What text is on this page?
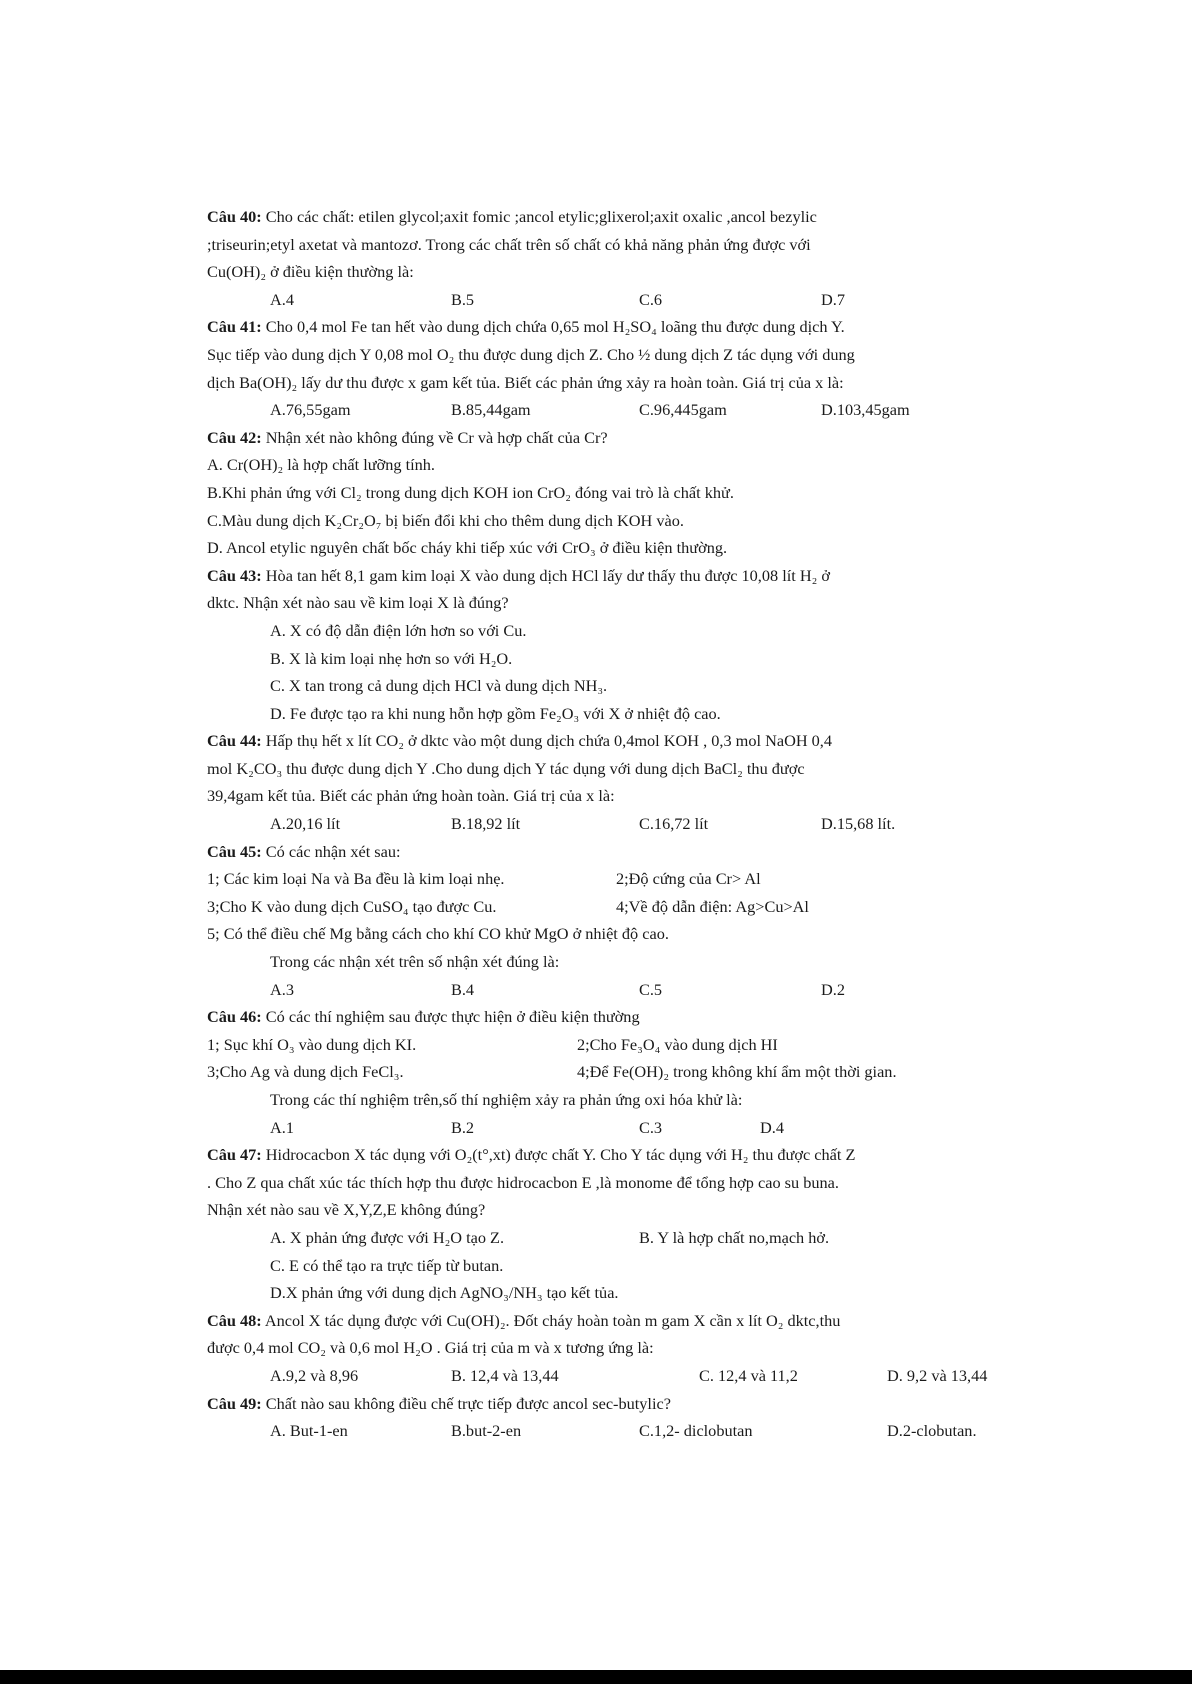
Câu 40: Cho các chất: etilen glycol;axit fomic ;ancol etylic;glixerol;axit oxalic ,ancol bezylic
;triseurin;etyl axetat và mantozơ. Trong các chất trên số chất có khả năng phản ứng được với
Cu(OH)₂ ở điều kiện thường là:
A.4	B.5	C.6	D.7
Câu 41: Cho 0,4 mol Fe tan hết vào dung dịch chứa 0,65 mol H₂SO₄ loãng thu được dung dịch Y.
Sục tiếp vào dung dịch Y 0,08 mol O₂ thu được dung dịch Z. Cho ½ dung dịch Z tác dụng với dung
dịch Ba(OH)₂ lấy dư thu được x gam kết tủa. Biết các phản ứng xảy ra hoàn toàn. Giá trị của x là:
A.76,55gam	B.85,44gam	C.96,445gam	D.103,45gam
Câu 42: Nhận xét nào không đúng về Cr và hợp chất của Cr?
A. Cr(OH)₂ là hợp chất lưỡng tính.
B.Khi phản ứng với Cl₂ trong dung dịch KOH ion CrO₂ đóng vai trò là chất khử.
C.Màu dung dịch K₂Cr₂O₇ bị biến đổi khi cho thêm dung dịch KOH vào.
D. Ancol etylic nguyên chất bốc cháy khi tiếp xúc với CrO₃ ở điều kiện thường.
Câu 43: Hòa tan hết 8,1 gam kim loại X vào dung dịch HCl lấy dư thấy thu được 10,08 lít H₂ ở
dktc. Nhận xét nào sau về kim loại X là đúng?
A. X có độ dẫn điện lớn hơn so với Cu.
B. X là kim loại nhẹ hơn so với H₂O.
C. X tan trong cả dung dịch HCl và dung dịch NH₃.
D. Fe được tạo ra khi nung hỗn hợp gồm Fe₂O₃ với X ở nhiệt độ cao.
Câu 44: Hấp thụ hết x lít CO₂ ở dktc vào một dung dịch chứa 0,4mol KOH , 0,3 mol NaOH 0,4
mol K₂CO₃ thu được dung dịch Y .Cho dung dịch Y tác dụng với dung dịch BaCl₂ thu được
39,4gam kết tủa. Biết các phản ứng hoàn toàn. Giá trị của x là:
A.20,16 lít	B.18,92 lít	C.16,72 lít	D.15,68 lít.
Câu 45: Có các nhận xét sau:
1; Các kim loại Na và Ba đều là kim loại nhẹ.	2;Độ cứng của Cr> Al
3;Cho K vào dung dịch CuSO₄ tạo được Cu.	4;Về độ dẫn điện: Ag>Cu>Al
5; Có thể điều chế Mg bằng cách cho khí CO khử MgO ở nhiệt độ cao.
Trong các nhận xét trên số nhận xét đúng là:
A.3	B.4	C.5	D.2
Câu 46: Có các thí nghiệm sau được thực hiện ở điều kiện thường
1; Sục khí O₃ vào dung dịch KI.	2;Cho Fe₃O₄ vào dung dịch HI
3;Cho Ag và dung dịch FeCl₃.	4;Để Fe(OH)₂ trong không khí ẩm một thời gian.
Trong các thí nghiệm trên,số thí nghiệm xảy ra phản ứng oxi hóa khử là:
A.1	B.2	C.3	D.4
Câu 47: Hidrocacbon X tác dụng với O₂(t°,xt) được chất Y. Cho Y tác dụng với H₂ thu được chất Z
. Cho Z qua chất xúc tác thích hợp thu được hidrocacbon E ,là monome để tổng hợp cao su buna.
Nhận xét nào sau về X,Y,Z,E không đúng?
A. X phản ứng được với H₂O tạo Z.	B. Y là hợp chất no,mạch hở.
C. E có thể tạo ra trực tiếp từ butan.
D.X phản ứng với dung dịch AgNO₃/NH₃ tạo kết tủa.
Câu 48: Ancol X tác dụng được với Cu(OH)₂. Đốt cháy hoàn toàn m gam X cần x lít O₂ dktc,thu
được 0,4 mol CO₂ và 0,6 mol H₂O . Giá trị của m và x tương ứng là:
A.9,2 và 8,96	B. 12,4 và 13,44	C. 12,4 và 11,2	D. 9,2 và 13,44
Câu 49: Chất nào sau không điều chế trực tiếp được ancol sec-butylic?
A. But-1-en	B.but-2-en	C.1,2- diclobutan	D.2-clobutan.
